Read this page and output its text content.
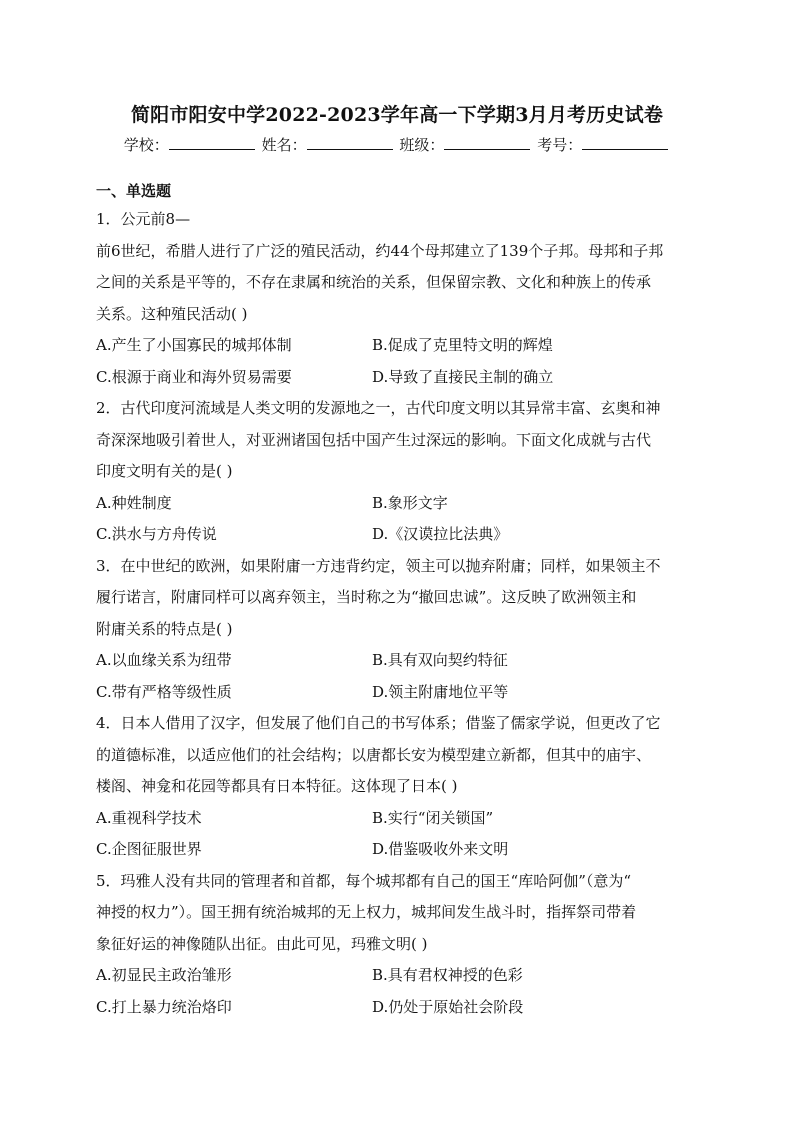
简阳市阳安中学2022-2023学年高一下学期3月月考历史试卷
学校：	姓名：	班级：	考号：
一、单选题
1．公元前8—
前6世纪，希腊人进行了广泛的殖民活动，约44个母邦建立了139个子邦。母邦和子邦
之间的关系是平等的，不存在隶属和统治的关系，但保留宗教、文化和种族上的传承
关系。这种殖民活动( )
A.产生了小国寡民的城邦体制	B.促成了克里特文明的辉煌
C.根源于商业和海外贸易需要	D.导致了直接民主制的确立
2．古代印度河流域是人类文明的发源地之一，古代印度文明以其异常丰富、玄奥和神
奇深深地吸引着世人，对亚洲诸国包括中国产生过深远的影响。下面文化成就与古代
印度文明有关的是( )
A.种姓制度	B.象形文字
C.洪水与方舟传说	D.《汉谟拉比法典》
3．在中世纪的欧洲，如果附庸一方违背约定，领主可以抛弃附庸；同样，如果领主不
履行诺言，附庸同样可以离弃领主，当时称之为“撤回忠诚”。这反映了欧洲领主和
附庸关系的特点是( )
A.以血缘关系为纽带	B.具有双向契约特征
C.带有严格等级性质	D.领主附庸地位平等
4．日本人借用了汉字，但发展了他们自己的书写体系；借鉴了儒家学说，但更改了它
的道德标准，以适应他们的社会结构；以唐都长安为模型建立新都，但其中的庙宇、
楼阁、神龛和花园等都具有日本特征。这体现了日本( )
A.重视科学技术	B.实行“闭关锁国”
C.企图征服世界	D.借鉴吸收外来文明
5．玛雅人没有共同的管理者和首都，每个城邦都有自己的国王“库哈阿伽”（意为“
神授的权力”）。国王拥有统治城邦的无上权力，城邦间发生战斗时，指挥祭司带着
象征好运的神像随队出征。由此可见，玛雅文明( )
A.初显民主政治雏形	B.具有君权神授的色彩
C.打上暴力统治烙印	D.仍处于原始社会阶段
